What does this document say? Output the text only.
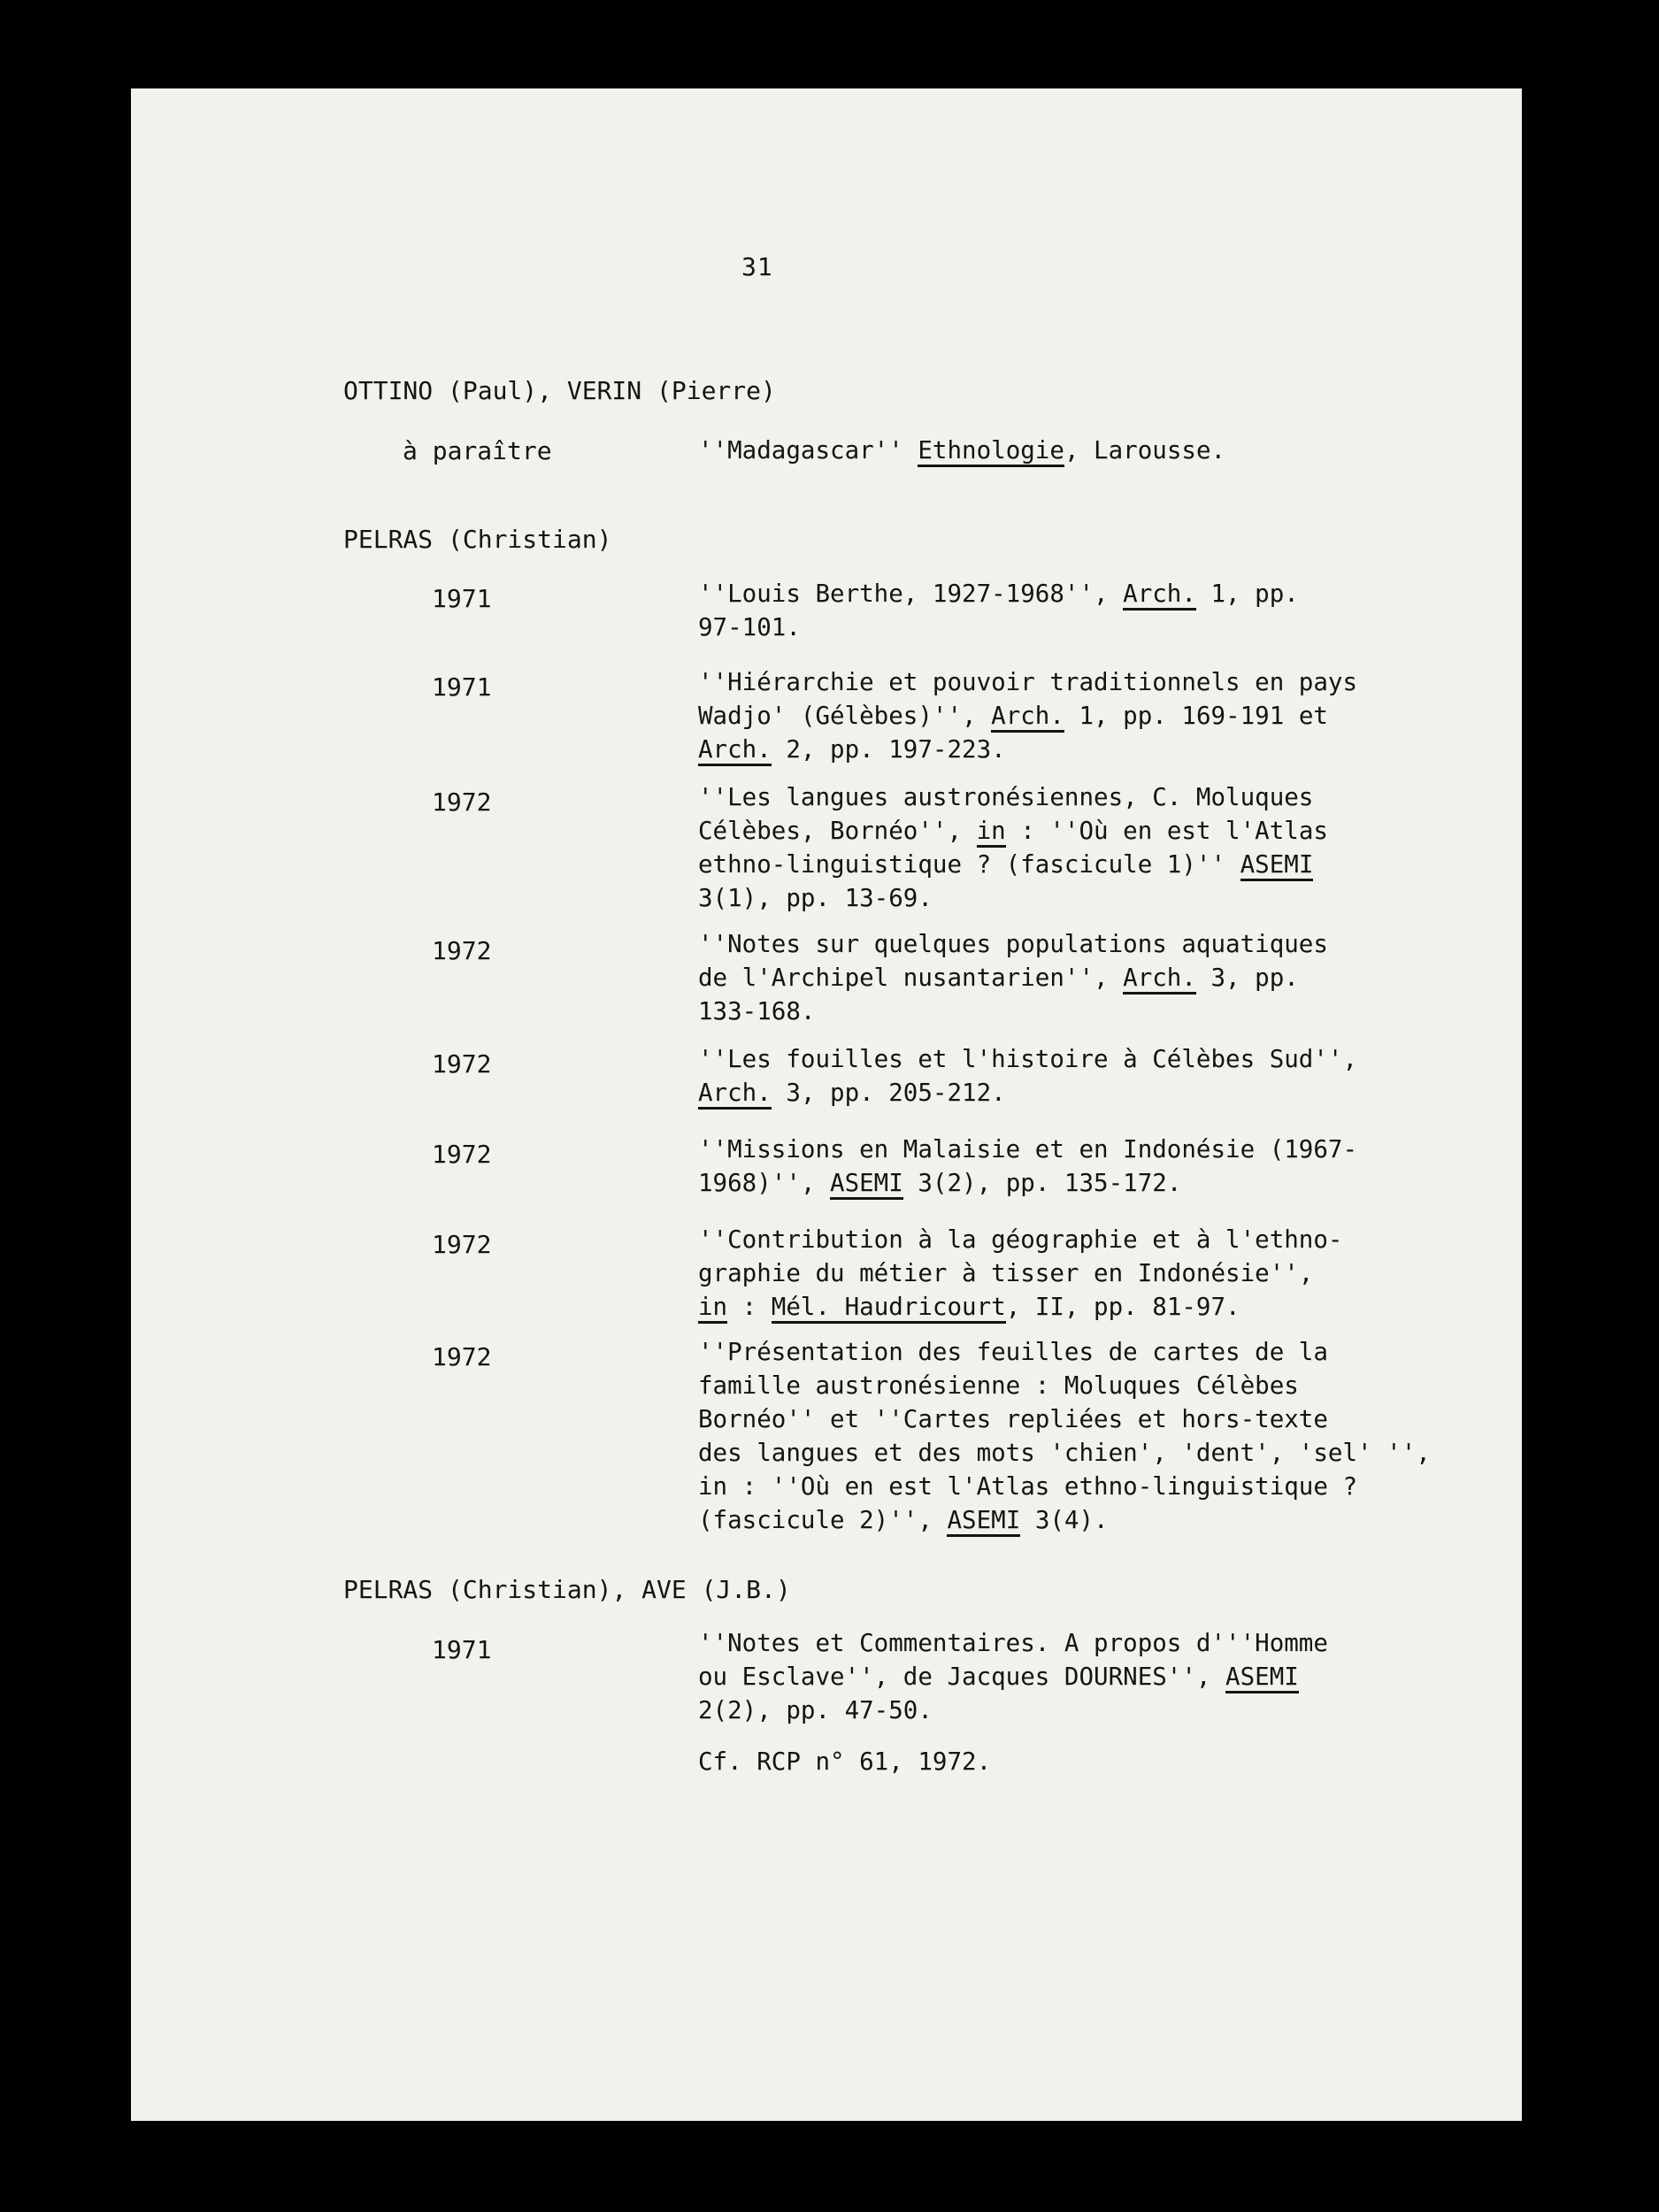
31
OTTINO (Paul), VERIN (Pierre)
à paraître	''Madagascar'' Ethnologie, Larousse.
PELRAS (Christian)
1971	''Louis Berthe, 1927-1968'', Arch. 1, pp.
97-101.
1971	''Hiérarchie et pouvoir traditionnels en pays
Wadjo' (Gélèbes)'', Arch. 1, pp. 169-191 et
Arch. 2, pp. 197-223.
1972	''Les langues austronésiennes, C. Moluques
Célèbes, Bornéo'', in : ''Où en est l'Atlas
ethno-linguistique ? (fascicule 1)'' ASEMI
3(1), pp. 13-69.
1972	''Notes sur quelques populations aquatiques
de l'Archipel nusantarien'', Arch. 3, pp.
133-168.
1972	''Les fouilles et l'histoire à Célèbes Sud'',
Arch. 3, pp. 205-212.
1972	''Missions en Malaisie et en Indonésie (1967-
1968)'', ASEMI 3(2), pp. 135-172.
1972	''Contribution à la géographie et à l'ethno-
graphie du métier à tisser en Indonésie'',
in : Mél. Haudricourt, II, pp. 81-97.
1972	''Présentation des feuilles de cartes de la
famille austronésienne : Moluques Célèbes
Bornéo'' et ''Cartes repliées et hors-texte
des langues et des mots 'chien', 'dent', 'sel' '',
in : ''Où en est l'Atlas ethno-linguistique ?
(fascicule 2)'', ASEMI 3(4).
PELRAS (Christian), AVE (J.B.)
1971	''Notes et Commentaires. A propos d'''Homme
ou Esclave'', de Jacques DOURNES'', ASEMI
2(2), pp. 47-50.
Cf. RCP n° 61, 1972.
